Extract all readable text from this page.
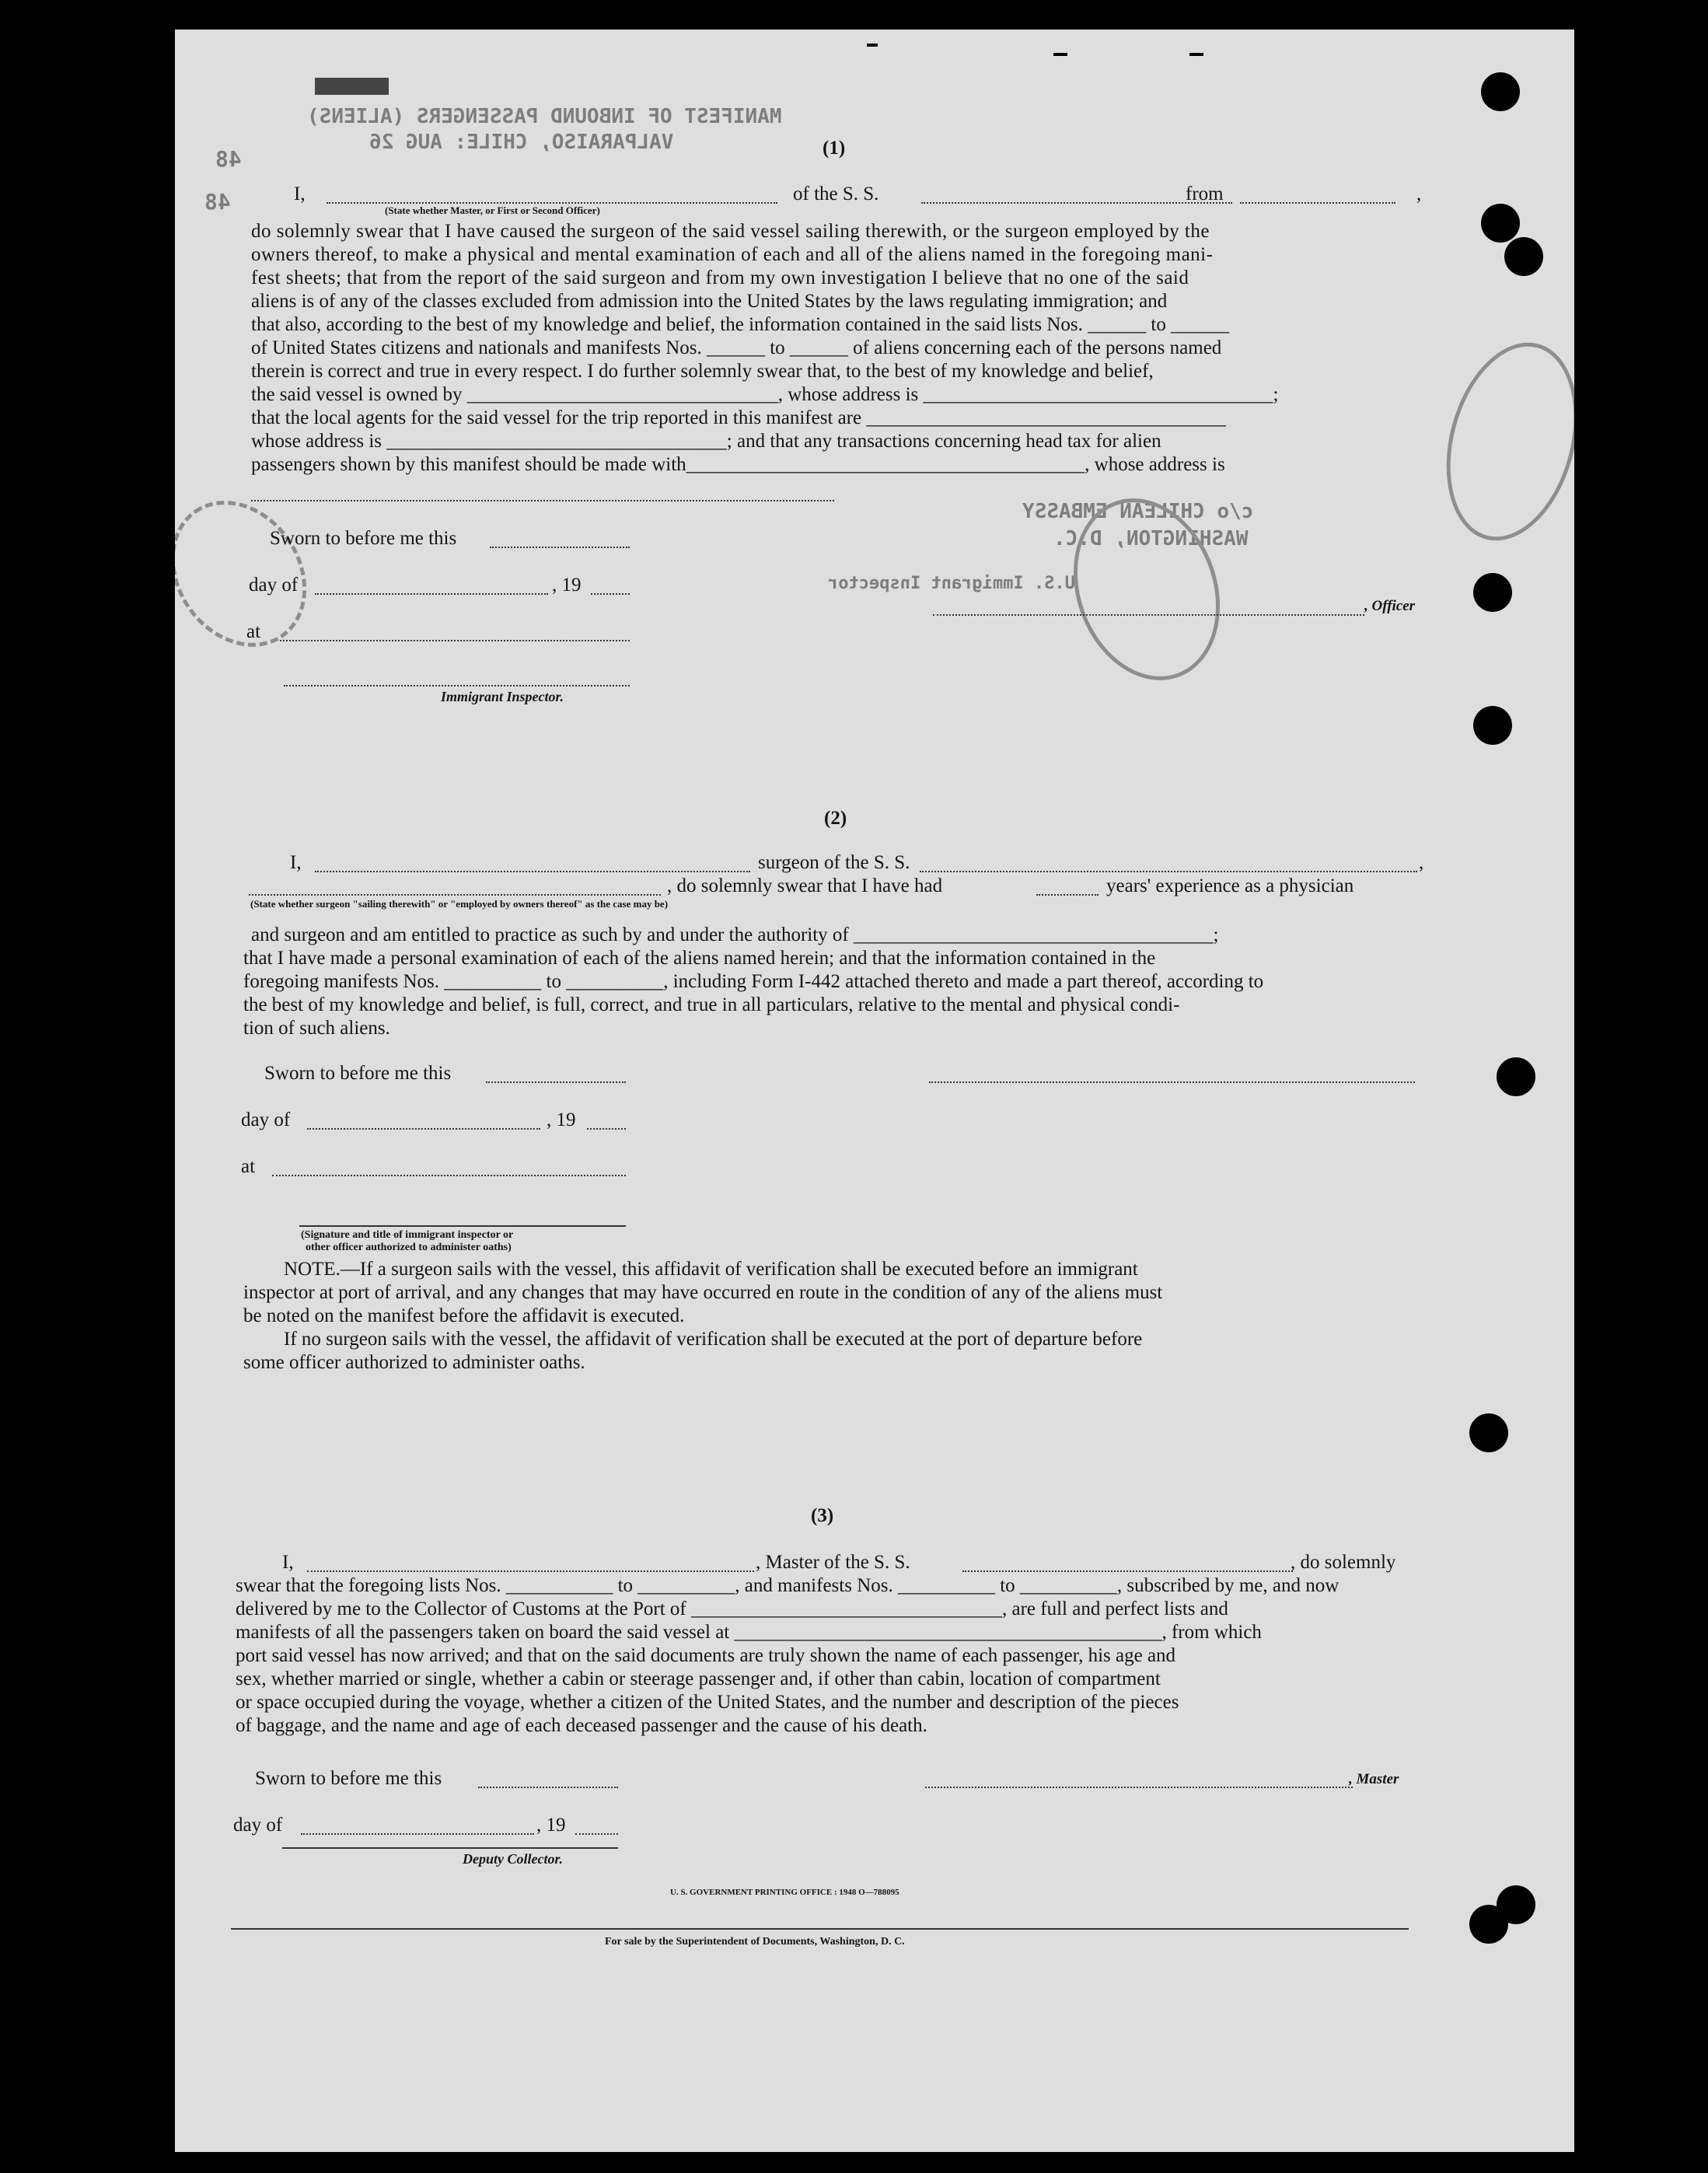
MANIFEST OF INBOUND PASSENGERS (ALIENS)
VALPARAISO, CHILE: AUG 26
48
48
c/o CHILEAN EMBASSY
WASHINGTON, D.C.
U.S. Immigrant Inspector
(1)
I,	of the S. S.	from	,
(State whether Master, or First or Second Officer)
do solemnly swear that I have caused the surgeon of the said vessel sailing therewith, or the surgeon employed by the
owners thereof, to make a physical and mental examination of each and all of the aliens named in the foregoing mani-
fest sheets; that from the report of the said surgeon and from my own investigation I believe that no one of the said
aliens is of any of the classes excluded from admission into the United States by the laws regulating immigration; and
that also, according to the best of my knowledge and belief, the information contained in the said lists Nos. ______ to ______
of United States citizens and nationals and manifests Nos. ______ to ______ of aliens concerning each of the persons named
therein is correct and true in every respect. I do further solemnly swear that, to the best of my knowledge and belief,
the said vessel is owned by ________________________________, whose address is ____________________________________;
that the local agents for the said vessel for the trip reported in this manifest are _____________________________________
whose address is ___________________________________; and that any transactions concerning head tax for alien
passengers shown by this manifest should be made with_________________________________________, whose address is
Sworn to before me this
day of	, 19
at
, Officer
Immigrant Inspector.
(2)
I,	surgeon of the S. S.	,
, do solemnly swear that I have had	years' experience as a physician
(State whether surgeon "sailing therewith" or "employed by owners thereof" as the case may be)
and surgeon and am entitled to practice as such by and under the authority of _____________________________________;
that I have made a personal examination of each of the aliens named herein; and that the information contained in the
foregoing manifests Nos. __________ to __________, including Form I-442 attached thereto and made a part thereof, according to
the best of my knowledge and belief, is full, correct, and true in all particulars, relative to the mental and physical condi-
tion of such aliens.
Sworn to before me this
day of	, 19
at
(Signature and title of immigrant inspector or
other officer authorized to administer oaths)
NOTE.—If a surgeon sails with the vessel, this affidavit of verification shall be executed before an immigrant
inspector at port of arrival, and any changes that may have occurred en route in the condition of any of the aliens must
be noted on the manifest before the affidavit is executed.
If no surgeon sails with the vessel, the affidavit of verification shall be executed at the port of departure before
some officer authorized to administer oaths.
(3)
I,	, Master of the S. S.	, do solemnly
swear that the foregoing lists Nos. ___________ to __________, and manifests Nos. __________ to __________, subscribed by me, and now
delivered by me to the Collector of Customs at the Port of ________________________________, are full and perfect lists and
manifests of all the passengers taken on board the said vessel at ____________________________________________, from which
port said vessel has now arrived; and that on the said documents are truly shown the name of each passenger, his age and
sex, whether married or single, whether a cabin or steerage passenger and, if other than cabin, location of compartment
or space occupied during the voyage, whether a citizen of the United States, and the number and description of the pieces
of baggage, and the name and age of each deceased passenger and the cause of his death.
Sworn to before me this	, Master
day of	, 19
Deputy Collector.
U. S. GOVERNMENT PRINTING OFFICE : 1948 O—788095
For sale by the Superintendent of Documents, Washington, D. C.
